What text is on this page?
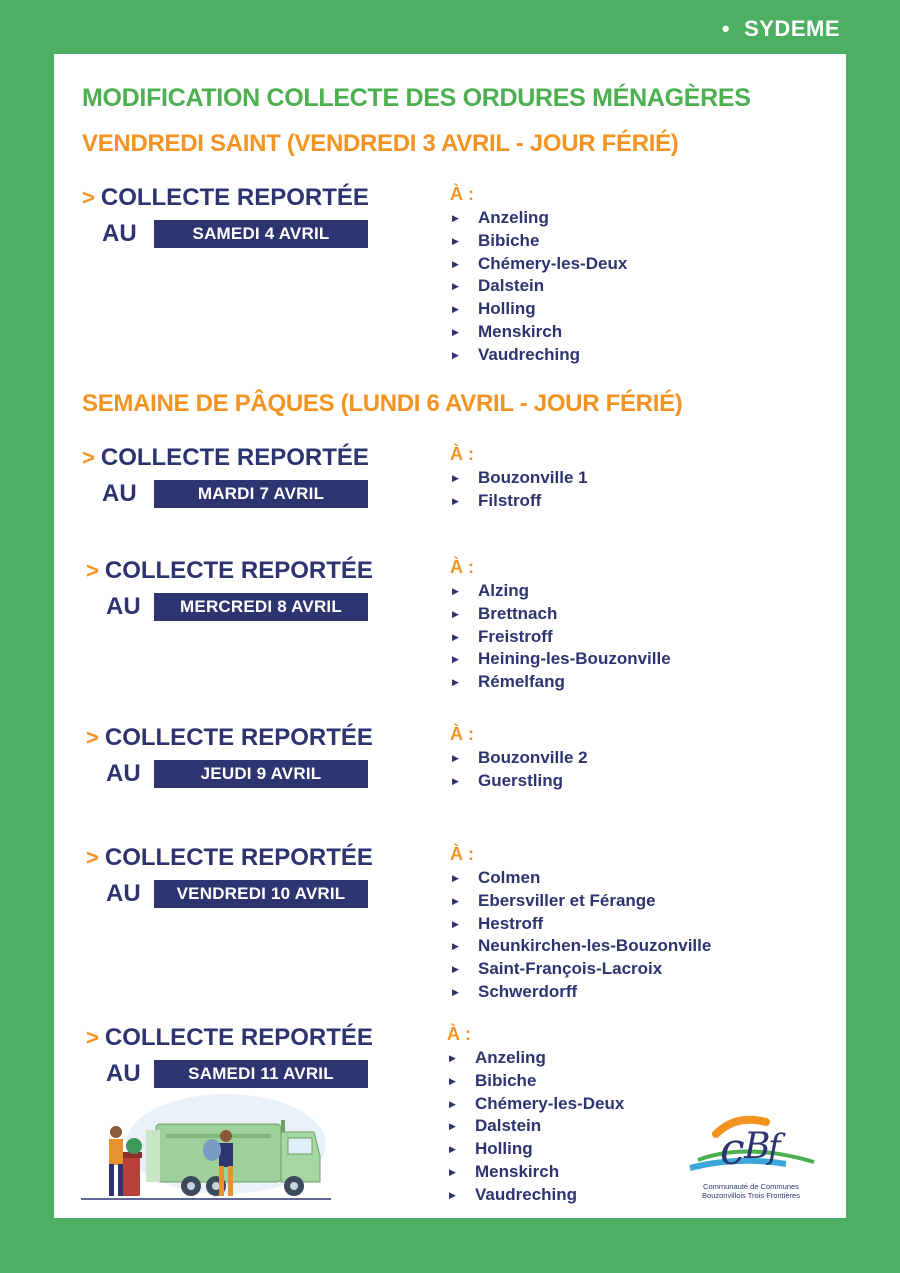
• SYDEME
MODIFICATION COLLECTE DES ORDURES MÉNAGÈRES
VENDREDI SAINT (VENDREDI 3 AVRIL - JOUR FÉRIÉ)
SEMAINE DE PÂQUES (LUNDI 6 AVRIL - JOUR FÉRIÉ)
> COLLECTE REPORTÉE
AU	SAMEDI 4 AVRIL
À :
▶ Anzeling
▶ Bibiche
▶ Chémery-les-Deux
▶ Dalstein
▶ Holling
▶ Menskirch
▶ Vaudreching
> COLLECTE REPORTÉE
AU	MARDI 7 AVRIL
À :
▶ Bouzonville 1
▶ Filstroff
> COLLECTE REPORTÉE
AU	MERCREDI 8 AVRIL
À :
▶ Alzing
▶ Brettnach
▶ Freistroff
▶ Heining-les-Bouzonville
▶ Rémelfang
> COLLECTE REPORTÉE
AU	JEUDI 9 AVRIL
À :
▶ Bouzonville 2
▶ Guerstling
> COLLECTE REPORTÉE
AU	VENDREDI 10 AVRIL
À :
▶ Colmen
▶ Ebersviller et Férange
▶ Hestroff
▶ Neunkirchen-les-Bouzonville
▶ Saint-François-Lacroix
▶ Schwerdorff
> COLLECTE REPORTÉE
AU	SAMEDI 11 AVRIL
À :
▶ Anzeling
▶ Bibiche
▶ Chémery-les-Deux
▶ Dalstein
▶ Holling
▶ Menskirch
▶ Vaudreching
c B
f
Communauté de Communes
Bouzonvillois Trois Frontières
